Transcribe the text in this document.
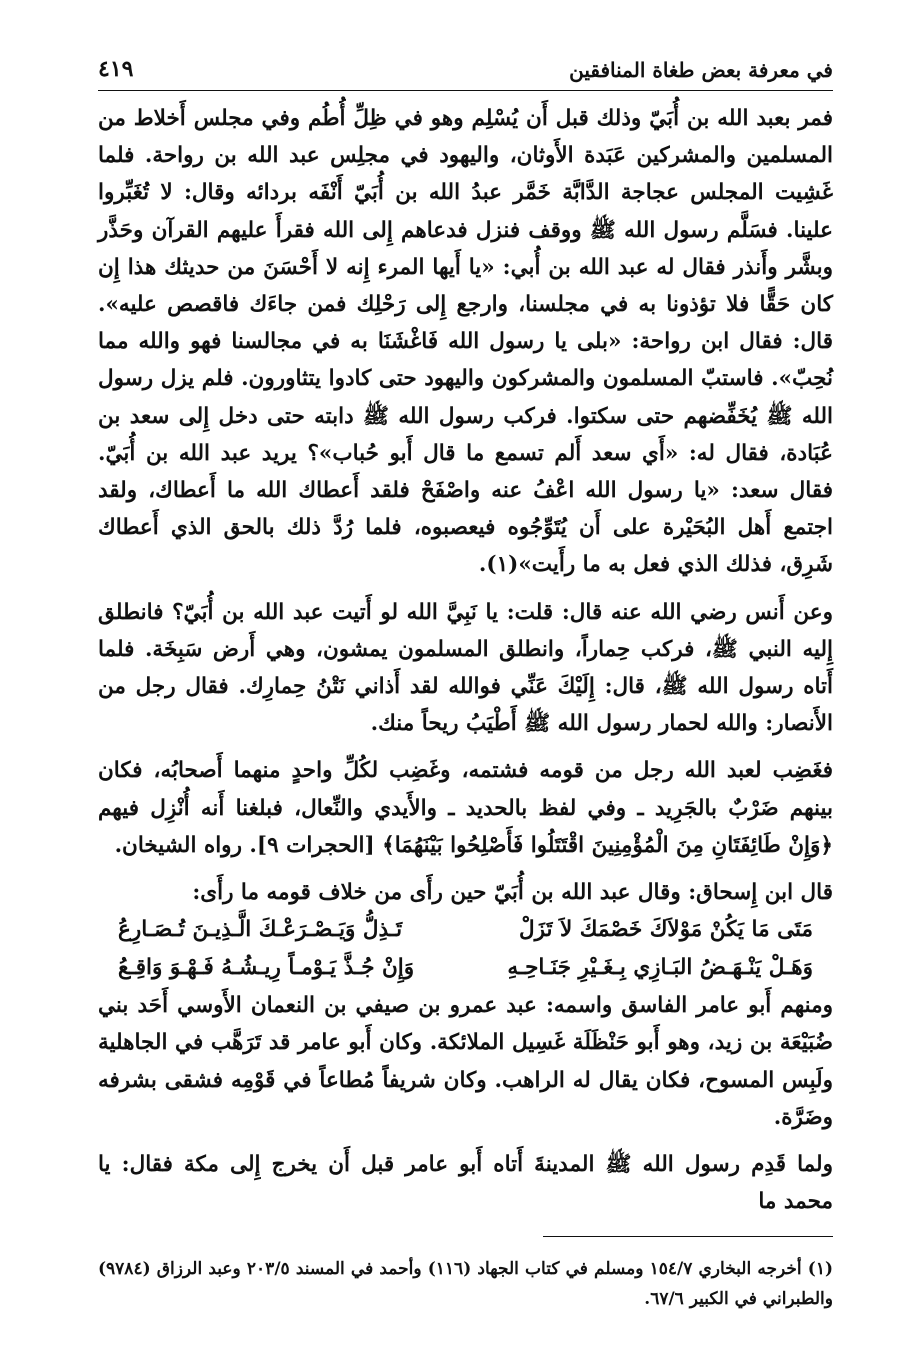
في معرفة بعض طغاة المنافقين
٤١٩

فمر بعبد الله بن أُبَيّ وذلك قبل أَن يُسْلِم وهو في ظِلِّ أُطُم وفي مجلس أَخلاط من المسلمين والمشركين عَبَدة الأَوثان، واليهود في مجلِس عبد الله بن رواحة. فلما غَشِيت المجلس عجاجة الدَّابَّة خَمَّر عبدُ الله بن أُبَيّ أَنْفَه بردائه وقال: لا تُغَبِّروا علينا. فسَلَّم رسول الله ﷺ ووقف فنزل فدعاهم إِلى الله فقرأَ عليهم القرآن وحَذَّر وبشَّر وأَنذر فقال له عبد الله بن أُبي: «يا أَيها المرء إِنه لا أَحْسَنَ من حديثك هذا إِن كان حَقًّا فلا تؤذونا به في مجلسنا، وارجع إِلى رَحْلِك فمن جاءَك فاقصص عليه». قال: فقال ابن رواحة: «بلى يا رسول الله فَاغْشَنَا به في مجالسنا فهو والله مما نُحِبّ». فاستبّ المسلمون والمشركون واليهود حتى كادوا يتثاورون. فلم يزل رسول الله ﷺ يُخَفِّضهم حتى سكتوا. فركب رسول الله ﷺ دابته حتى دخل إِلى سعد بن عُبَادة، فقال له: «أَي سعد أَلم تسمع ما قال أَبو حُباب»؟ يريد عبد الله بن أُبَيّ. فقال سعد: «يا رسول الله اعْفُ عنه واصْفَحْ فلقد أَعطاك الله ما أَعطاك، ولقد اجتمع أَهل البُحَيْرة على أَن يُتَوِّجُوه فيعصبوه، فلما رُدَّ ذلك بالحق الذي أَعطاك شَرِق، فذلك الذي فعل به ما رأَيت»(١).

وعن أَنس رضي الله عنه قال: قلت: يا نَبِيَّ الله لو أَتيت عبد الله بن أُبَيّ؟ فانطلق إِليه النبي ﷺ، فركب حِماراً، وانطلق المسلمون يمشون، وهي أَرض سَبِخَة. فلما أَتاه رسول الله ﷺ، قال: إِلَيْكَ عَنِّي فوالله لقد أَذاني نَتْنُ حِمارِك. فقال رجل من الأَنصار: والله لحمار رسول الله ﷺ أَطْيَبُ ريحاً منك.

فغَضِب لعبد الله رجل من قومه فشتمه، وغَضِب لكُلِّ واحدٍ منهما أَصحابُه، فكان بينهم ضَرْبٌ بالجَرِيد ـ وفي لفظ بالحديد ـ والأَيدي والنِّعال، فبلغنا أَنه أُنْزِل فيهم ﴿وَإِنْ طَائِفَتَانِ مِنَ الْمُؤْمِنِينَ اقْتَتَلُوا فَأَصْلِحُوا بَيْنَهُمَا﴾ [الحجرات ٩]. رواه الشيخان.

قال ابن إِسحاق: وقال عبد الله بن أُبَيّ حين رأَى من خلاف قومه ما رأَى:

مَتَى مَا يَكُنْ مَوْلاَكَ خَصْمَكَ لاَ تَزَلْ
تَـذِلُّ وَيَـصْـرَعْـكَ الَّـذِيـنَ تُـصَـارِعُ
وَهَـلْ يَنْـهَـضُ البَـازِي بِـغَـيْرِ جَنَـاحِـهِ
وَإِنْ جُـذَّ يَـوْمـاً رِيـشُـهُ فَـهْـوَ وَاقِـعُ

ومنهم أَبو عامر الفاسق واسمه: عبد عمرو بن صيفي بن النعمان الأَوسي أَحَد بني ضُبَيْعَة بن زيد، وهو أَبو حَنْظَلَة غَسِيل الملائكة. وكان أَبو عامر قد تَرَهَّب في الجاهلية ولَبِس المسوح، فكان يقال له الراهب. وكان شريفاً مُطاعاً في قَوْمِه فشقى بشرفه وضَرَّة.

ولما قَدِم رسول الله ﷺ المدينةَ أَتاه أَبو عامر قبل أَن يخرج إِلى مكة فقال: يا محمد ما

(١) أخرجه البخاري ١٥٤/٧ ومسلم في كتاب الجهاد (١١٦) وأحمد في المسند ٢٠٣/٥ وعبد الرزاق (٩٧٨٤) والطبراني في الكبير ٦٧/٦.
